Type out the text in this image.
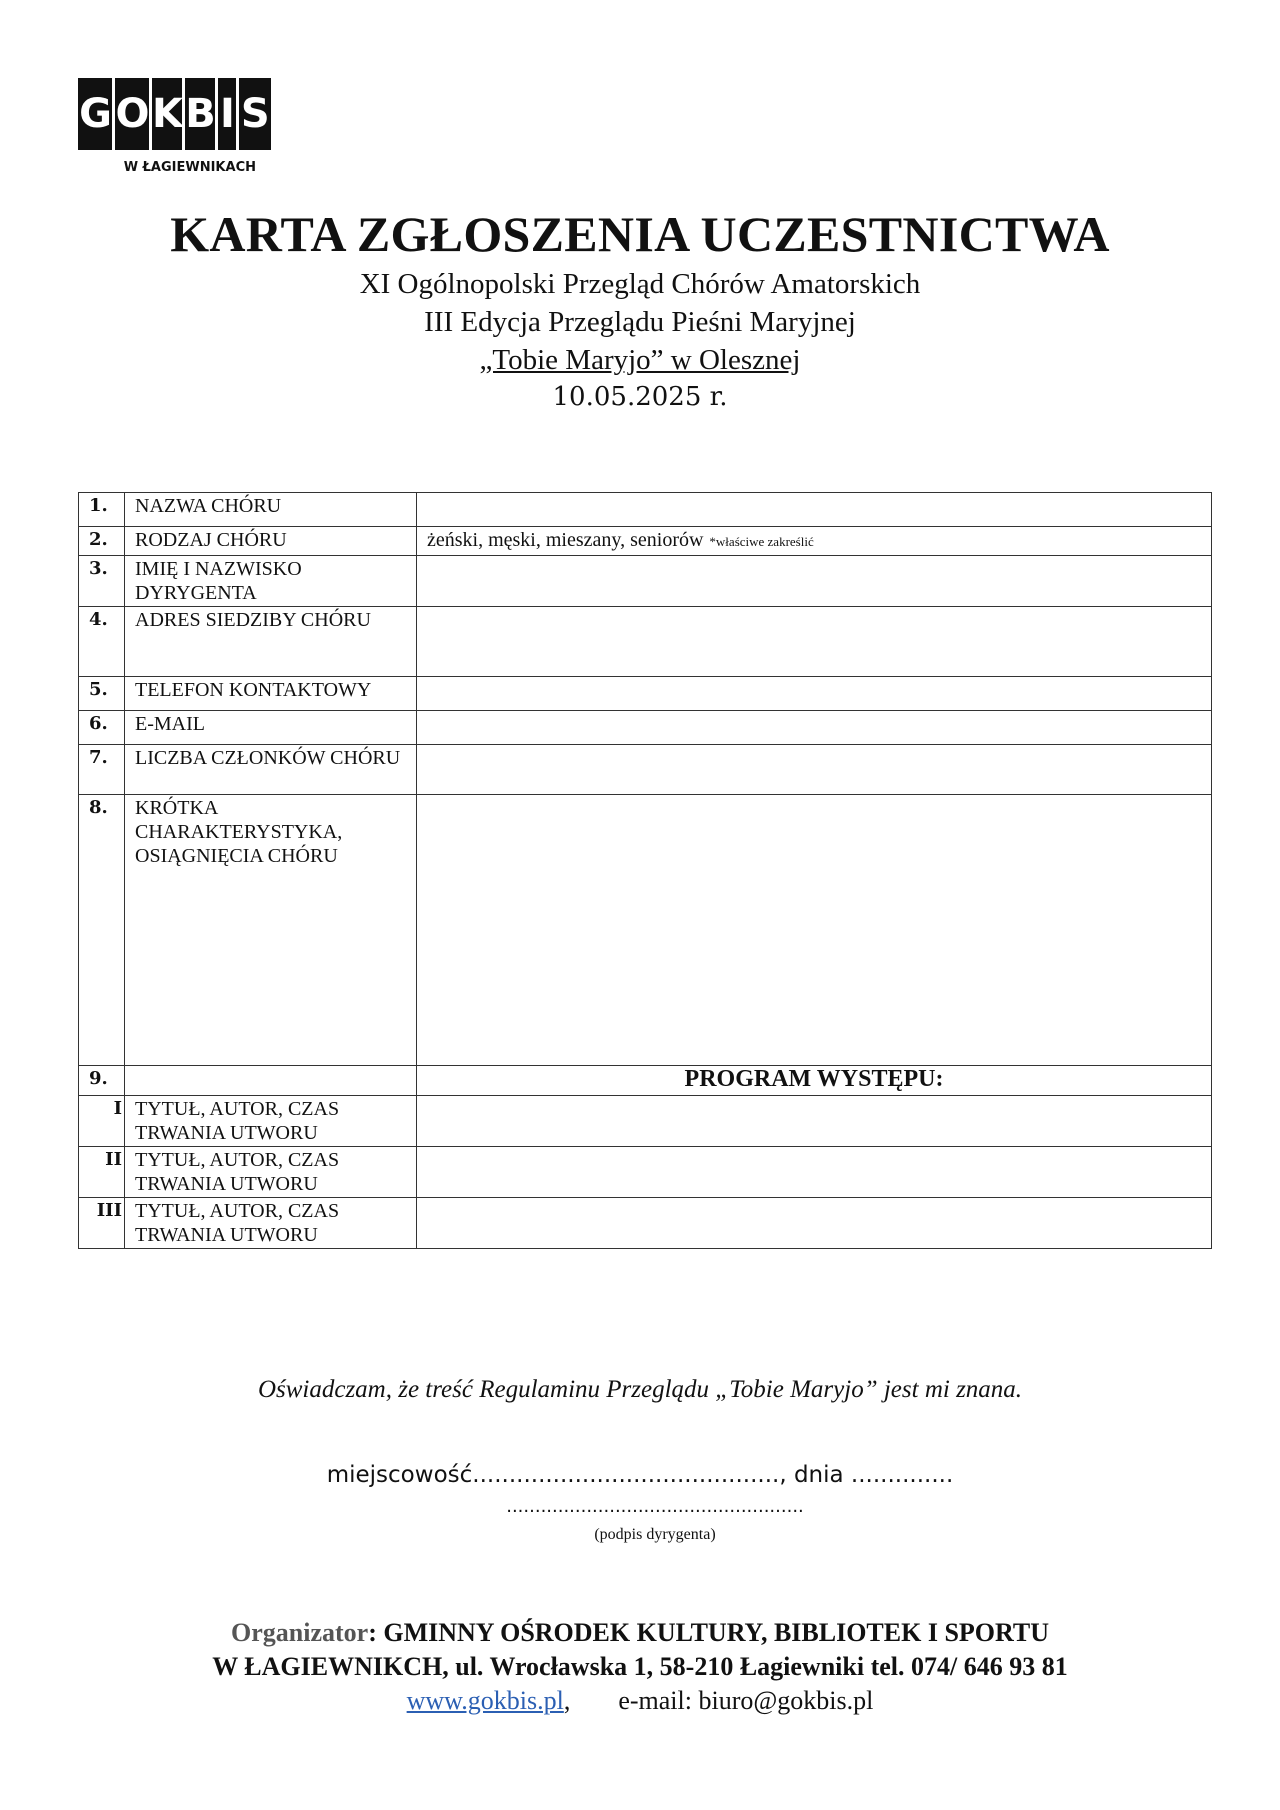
G O K B I S
W ŁAGIEWNIKACH
KARTA ZGŁOSZENIA UCZESTNICTWA
XI Ogólnopolski Przegląd Chórów Amatorskich
III Edycja Przeglądu Pieśni Maryjnej
„Tobie Maryjo” w Olesznej
10.05.2025 r.
1.	NAZWA CHÓRU	
2.	RODZAJ CHÓRU	żeński, męski, mieszany, seniorów *właściwe zakreślić
3.	IMIĘ I NAZWISKO DYRYGENTA	
4.	ADRES SIEDZIBY CHÓRU	
5.	TELEFON KONTAKTOWY	
6.	E-MAIL	
7.	LICZBA CZŁONKÓW CHÓRU	
8.	KRÓTKA CHARAKTERYSTYKA, OSIĄGNIĘCIA CHÓRU	
9.		PROGRAM WYSTĘPU:
I	TYTUŁ, AUTOR, CZAS TRWANIA UTWORU	
II	TYTUŁ, AUTOR, CZAS TRWANIA UTWORU	
III	TYTUŁ, AUTOR, CZAS TRWANIA UTWORU	
Oświadczam, że treść Regulaminu Przeglądu „Tobie Maryjo” jest mi znana.
miejscowość.........................................., dnia ..............
....................................................
(podpis dyrygenta)
Organizator: GMINNY OŚRODEK KULTURY, BIBLIOTEK I SPORTU
W ŁAGIEWNIKCH, ul. Wrocławska 1, 58-210 Łagiewniki tel. 074/ 646 93 81
www.gokbis.pl, e-mail: biuro@gokbis.pl
